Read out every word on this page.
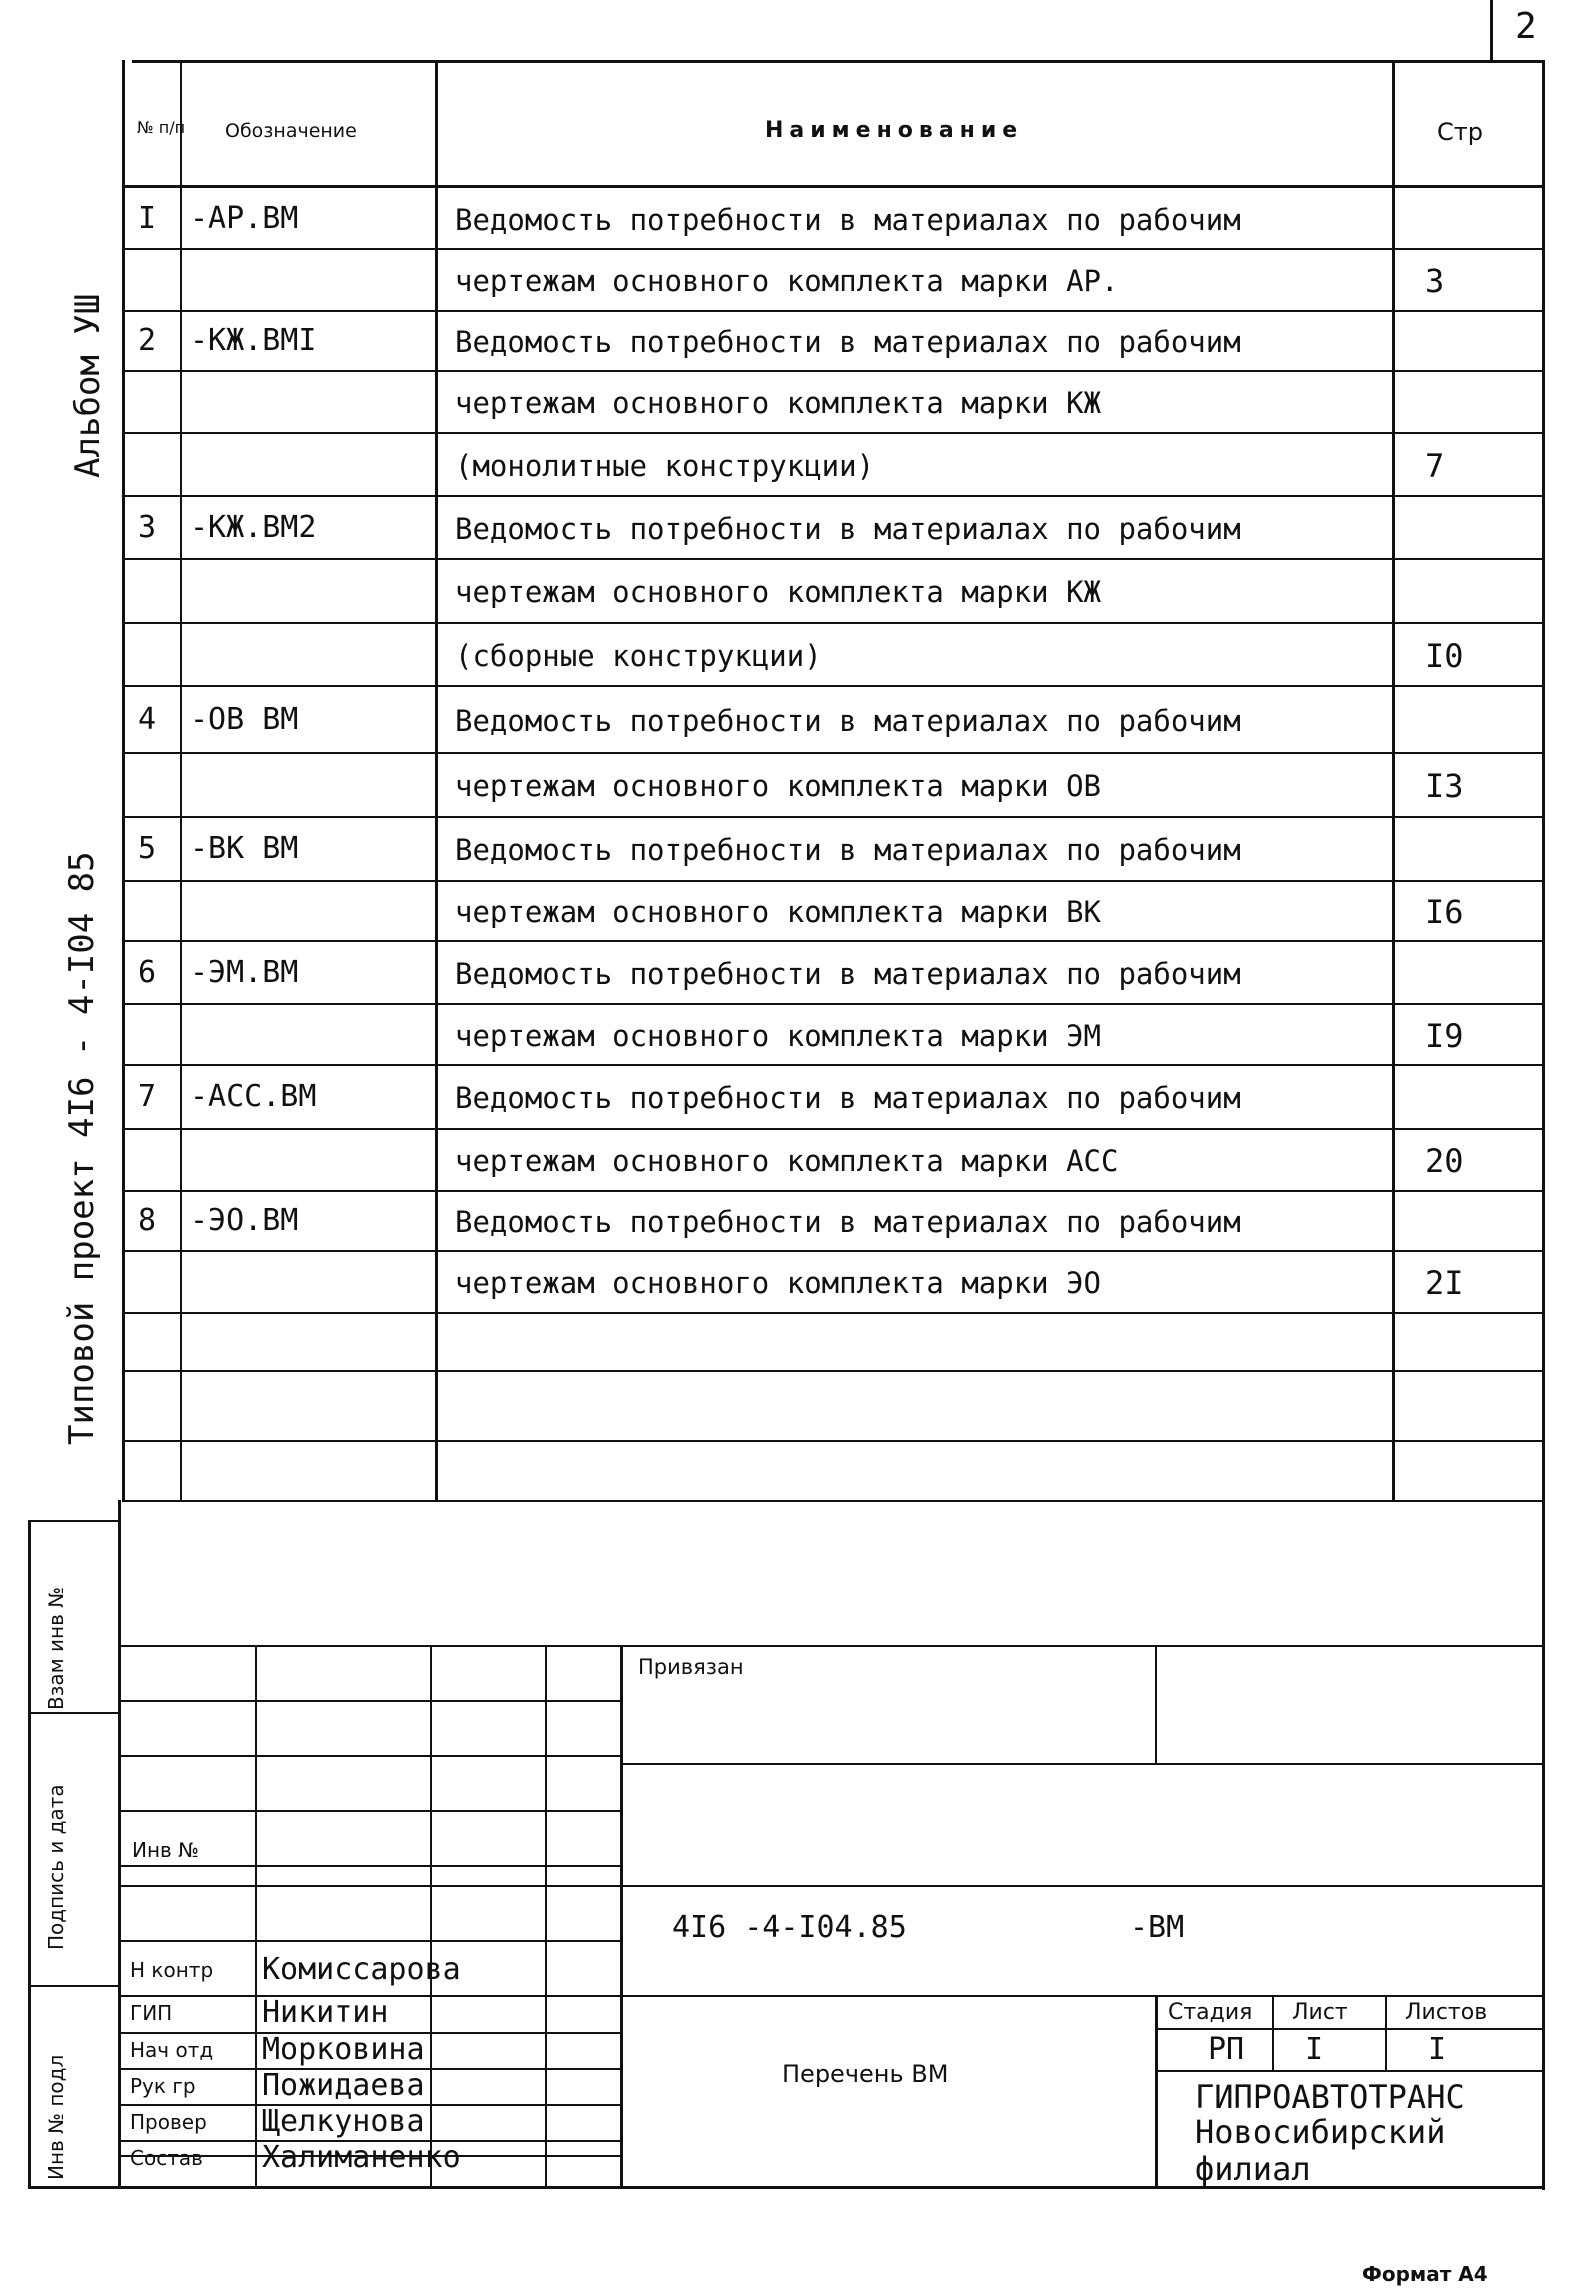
2
Альбом УШ
Типовой проект 4I6 - 4-I04 85
Взам инв №
Подпись и дата
Инв № подл
№ п/п Обозначение	Наименование	Стр
I -АР.ВМ	Ведомость потребности в материалах по рабочим
чертежам основного комплекта марки АР.	3
2 -КЖ.ВМI	Ведомость потребности в материалах по рабочим
чертежам основного комплекта марки КЖ
(монолитные конструкции)	7
3 -КЖ.ВМ2	Ведомость потребности в материалах по рабочим
чертежам основного комплекта марки КЖ
(сборные конструкции)	I0
4 -ОВ ВМ	Ведомость потребности в материалах по рабочим
чертежам основного комплекта марки ОВ	I3
5 -ВК ВМ	Ведомость потребности в материалах по рабочим
чертежам основного комплекта марки ВК	I6
6 -ЭМ.ВМ	Ведомость потребности в материалах по рабочим
чертежам основного комплекта марки ЭМ	I9
7 -АСС.ВМ	Ведомость потребности в материалах по рабочим
чертежам основного комплекта марки АСС	20
8 -ЭО.ВМ	Ведомость потребности в материалах по рабочим
чертежам основного комплекта марки ЭО	2I
Привязан
Инв №
4I6 -4-I04.85	-ВМ
Перечень ВМ
Стадия Лист	Листов
РП I	I
ГИПРОАВТОТРАНС
Новосибирский
филиал
Н контр Комиссарова
ГИП	Никитин
Нач отд Морковина
Рук гр Пожидаева
Провер Щелкунова
Состав Халиманенко
Формат А4
